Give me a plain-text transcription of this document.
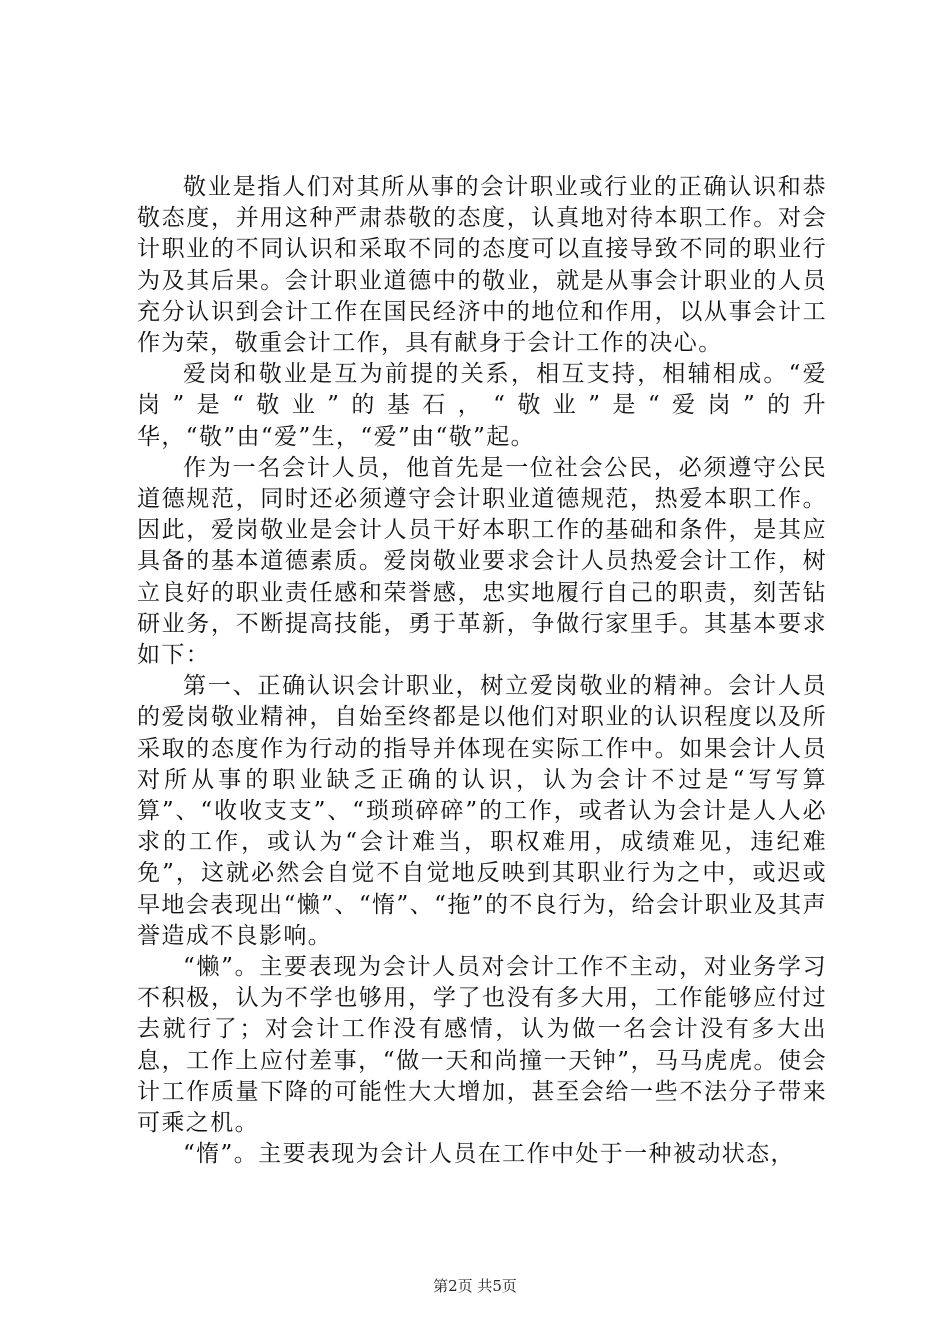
敬业是指人们对其所从事的会计职业或行业的正确认识和恭敬态度，并用这种严肃恭敬的态度，认真地对待本职工作。对会计职业的不同认识和采取不同的态度可以直接导致不同的职业行为及其后果。会计职业道德中的敬业，就是从事会计职业的人员充分认识到会计工作在国民经济中的地位和作用，以从事会计工作为荣，敬重会计工作，具有献身于会计工作的决心。

爱岗和敬业是互为前提的关系，相互支持，相辅相成。“爱岗”是“敬业”的基石，“敬业”是“爱岗”的升华，“敬”由“爱”生，“爱”由“敬”起。

作为一名会计人员，他首先是一位社会公民，必须遵守公民道德规范，同时还必须遵守会计职业道德规范，热爱本职工作。因此，爱岗敬业是会计人员干好本职工作的基础和条件，是其应具备的基本道德素质。爱岗敬业要求会计人员热爱会计工作，树立良好的职业责任感和荣誉感，忠实地履行自己的职责，刻苦钻研业务，不断提高技能，勇于革新，争做行家里手。其基本要求如下：

第一、正确认识会计职业，树立爱岗敬业的精神。会计人员的爱岗敬业精神，自始至终都是以他们对职业的认识程度以及所采取的态度作为行动的指导并体现在实际工作中。如果会计人员对所从事的职业缺乏正确的认识，认为会计不过是“写写算算”、“收收支支”、“琐琐碎碎”的工作，或者认为会计是人人必求的工作，或认为“会计难当，职权难用，成绩难见，违纪难免”，这就必然会自觉不自觉地反映到其职业行为之中，或迟或早地会表现出“懒”、“惰”、“拖”的不良行为，给会计职业及其声誉造成不良影响。

“懒”。主要表现为会计人员对会计工作不主动，对业务学习不积极，认为不学也够用，学了也没有多大用，工作能够应付过去就行了；对会计工作没有感情，认为做一名会计没有多大出息，工作上应付差事，“做一天和尚撞一天钟”，马马虎虎。使会计工作质量下降的可能性大大增加，甚至会给一些不法分子带来可乘之机。

“惰”。主要表现为会计人员在工作中处于一种被动状态，

第2页 共5页
